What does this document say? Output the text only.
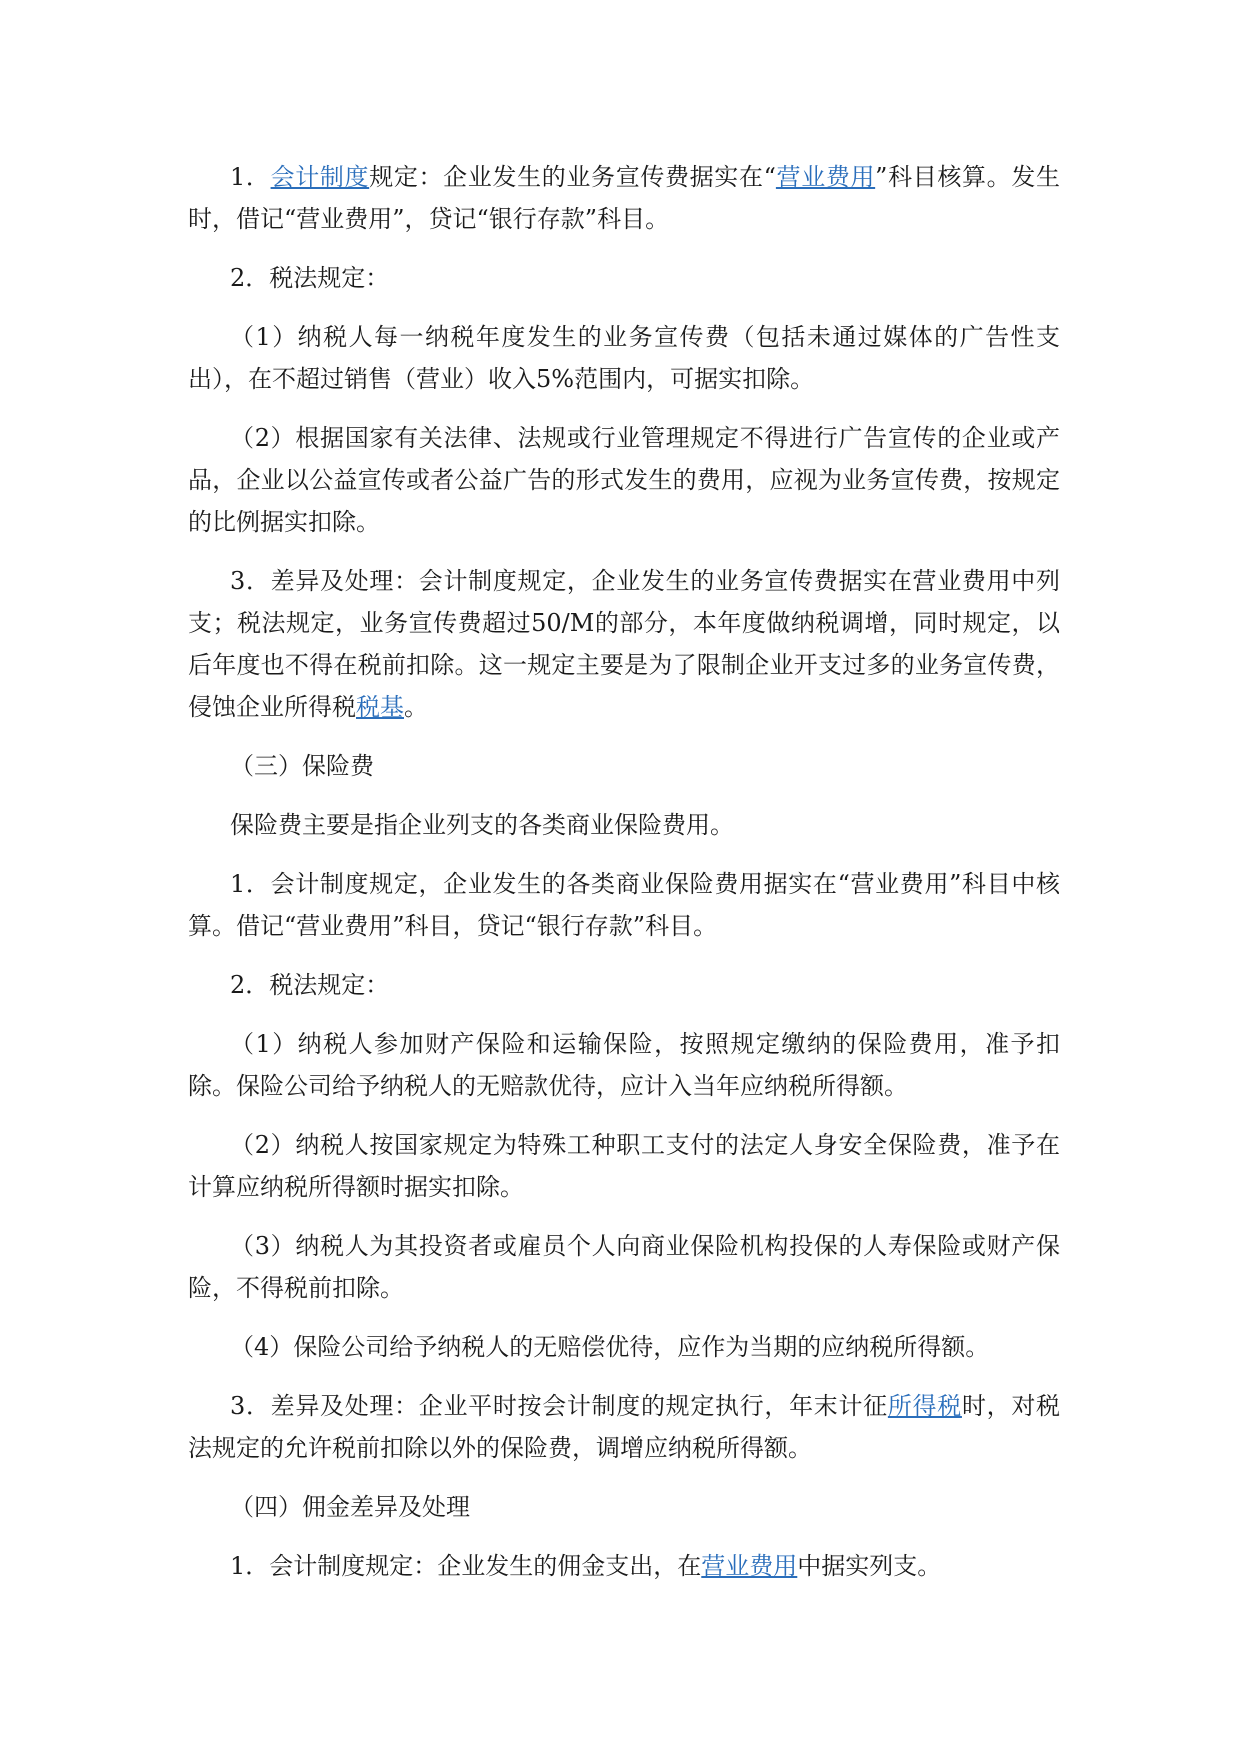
1．会计制度规定：企业发生的业务宣传费据实在“营业费用”科目核算。发生时，借记“营业费用”，贷记“银行存款”科目。

2．税法规定：

（1）纳税人每一纳税年度发生的业务宣传费（包括未通过媒体的广告性支出），在不超过销售（营业）收入5%范围内，可据实扣除。

（2）根据国家有关法律、法规或行业管理规定不得进行广告宣传的企业或产品，企业以公益宣传或者公益广告的形式发生的费用，应视为业务宣传费，按规定的比例据实扣除。

3．差异及处理：会计制度规定，企业发生的业务宣传费据实在营业费用中列支；税法规定，业务宣传费超过50/M的部分，本年度做纳税调增，同时规定，以后年度也不得在税前扣除。这一规定主要是为了限制企业开支过多的业务宣传费，侵蚀企业所得税税基。

（三）保险费

保险费主要是指企业列支的各类商业保险费用。

1．会计制度规定，企业发生的各类商业保险费用据实在“营业费用”科目中核算。借记“营业费用”科目，贷记“银行存款”科目。

2．税法规定：

（1）纳税人参加财产保险和运输保险，按照规定缴纳的保险费用，准予扣除。保险公司给予纳税人的无赔款优待，应计入当年应纳税所得额。

（2）纳税人按国家规定为特殊工种职工支付的法定人身安全保险费，准予在计算应纳税所得额时据实扣除。

（3）纳税人为其投资者或雇员个人向商业保险机构投保的人寿保险或财产保险，不得税前扣除。

（4）保险公司给予纳税人的无赔偿优待，应作为当期的应纳税所得额。

3．差异及处理：企业平时按会计制度的规定执行，年末计征所得税时，对税法规定的允许税前扣除以外的保险费，调增应纳税所得额。

（四）佣金差异及处理

1．会计制度规定：企业发生的佣金支出，在营业费用中据实列支。
